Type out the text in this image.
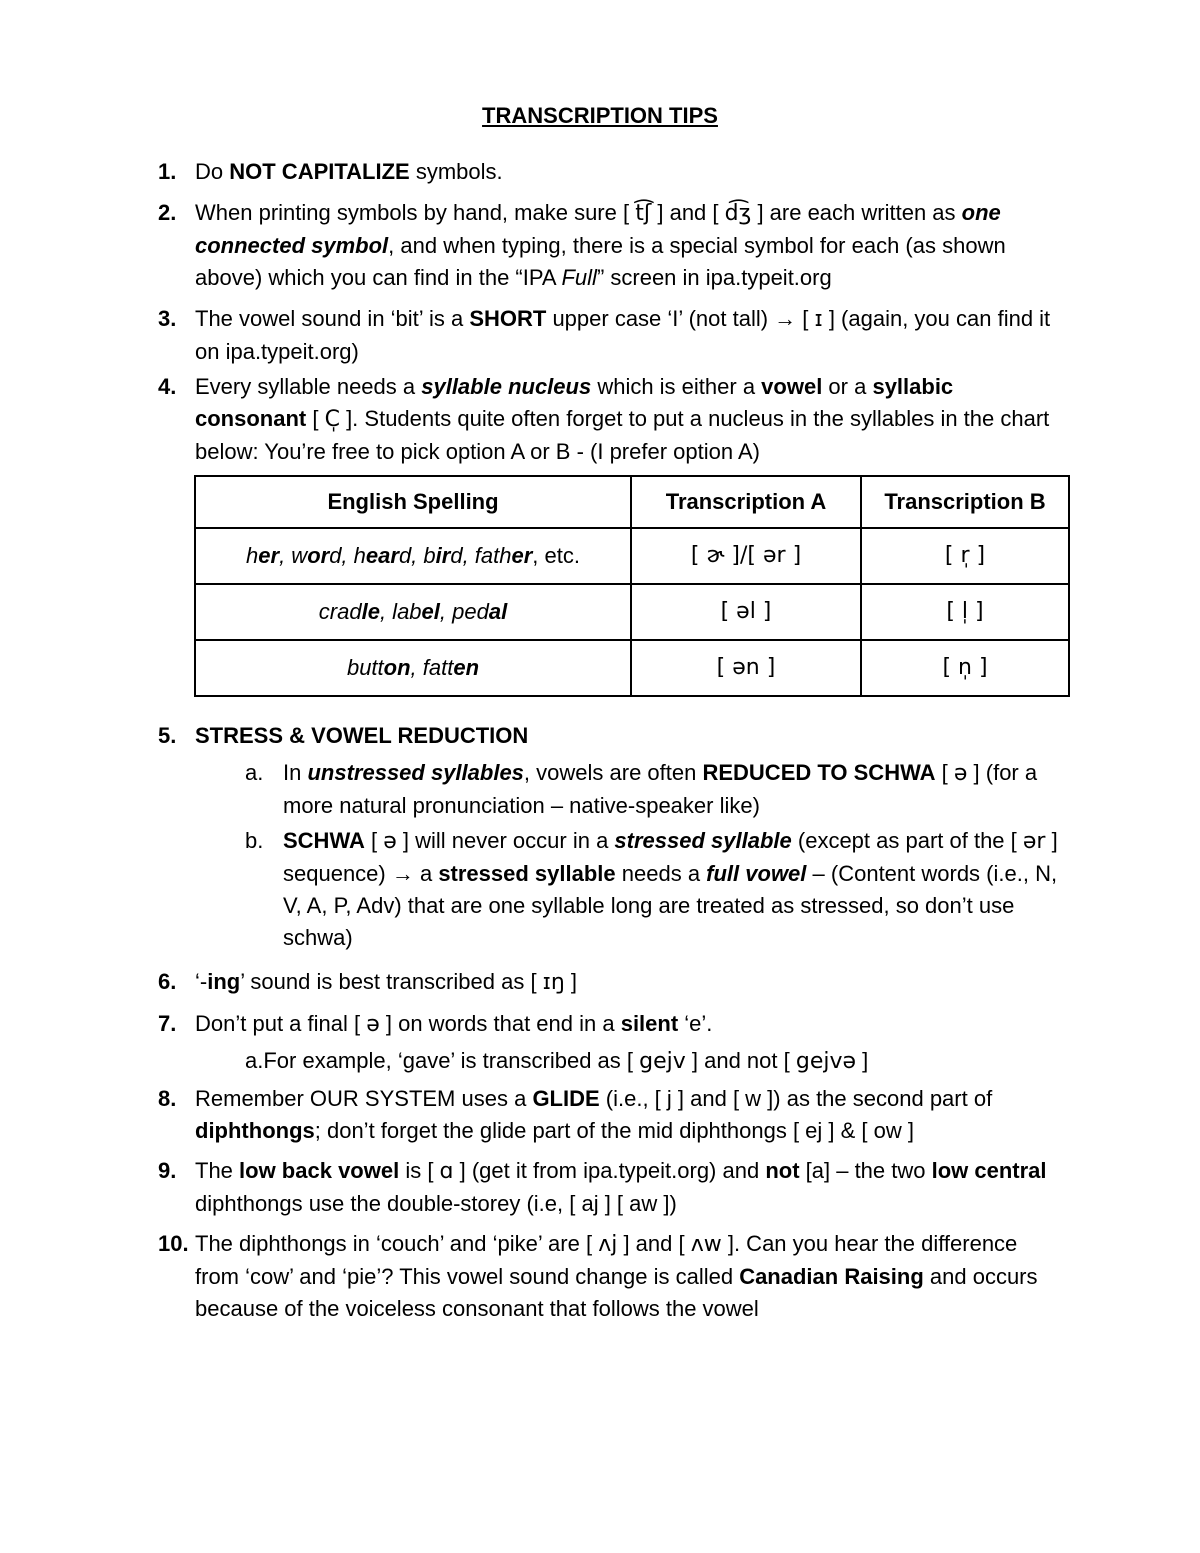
TRANSCRIPTION TIPS
1. Do NOT CAPITALIZE symbols.
2. When printing symbols by hand, make sure [ t͡ʃ ] and [ d͡ʒ ] are each written as one connected symbol, and when typing, there is a special symbol for each (as shown above) which you can find in the “IPA Full” screen in ipa.typeit.org
3. The vowel sound in ‘bit’ is a SHORT upper case ‘I’ (not tall) → [ ɪ ] (again, you can find it on ipa.typeit.org)
4. Every syllable needs a syllable nucleus which is either a vowel or a syllabic consonant [ C̩ ]. Students quite often forget to put a nucleus in the syllables in the chart below: You’re free to pick option A or B - (I prefer option A)
English Spelling	Transcription A	Transcription B
her, word, heard, bird, father, etc.	[ ɚ ]/[ ər ]	[ r̩ ]
cradle, label, pedal	[ əl ]	[ l̩ ]
button, fatten	[ ən ]	[ n̩ ]
5. STRESS & VOWEL REDUCTION
a. In unstressed syllables, vowels are often REDUCED TO SCHWA [ ə ] (for a more natural pronunciation – native-speaker like)
b. SCHWA [ ə ] will never occur in a stressed syllable (except as part of the [ ər ] sequence) → a stressed syllable needs a full vowel – (Content words (i.e., N, V, A, P, Adv) that are one syllable long are treated as stressed, so don’t use schwa)
6. ‘-ing’ sound is best transcribed as [ ɪŋ ]
7. Don’t put a final [ ə ] on words that end in a silent ‘e’.
a.For example, ‘gave’ is transcribed as [ gejv ] and not [ gejvə ]
8. Remember OUR SYSTEM uses a GLIDE (i.e., [ j ] and [ w ]) as the second part of diphthongs; don’t forget the glide part of the mid diphthongs [ ej ] & [ ow ]
9. The low back vowel is [ ɑ ] (get it from ipa.typeit.org) and not [a] – the two low central diphthongs use the double-storey (i.e, [ aj ] [ aw ])
10. The diphthongs in ‘couch’ and ‘pike’ are [ ʌj ] and [ ʌw ]. Can you hear the difference from ‘cow’ and ‘pie’? This vowel sound change is called Canadian Raising and occurs because of the voiceless consonant that follows the vowel
